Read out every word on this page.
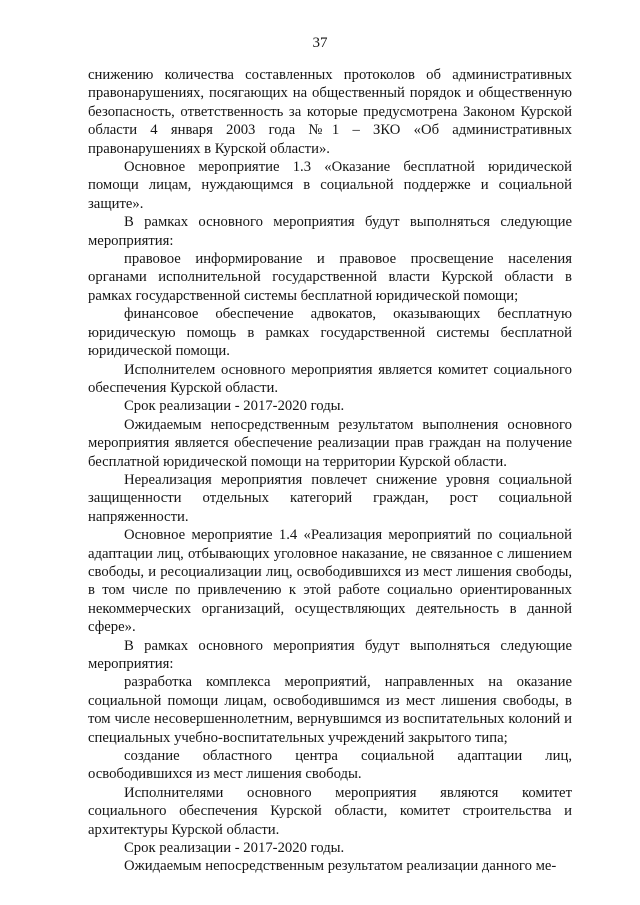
37

снижению количества составленных протоколов об административных правонарушениях, посягающих на общественный порядок и общественную безопасность, ответственность за которые предусмотрена Законом Курской области 4 января 2003 года №1 – ЗКО «Об административных правонарушениях в Курской области».

Основное мероприятие 1.3 «Оказание бесплатной юридической помощи лицам, нуждающимся в социальной поддержке и социальной защите».

В рамках основного мероприятия будут выполняться следующие мероприятия:

правовое информирование и правовое просвещение населения органами исполнительной государственной власти Курской области в рамках государственной системы бесплатной юридической помощи;

финансовое обеспечение адвокатов, оказывающих бесплатную юридическую помощь в рамках государственной системы бесплатной юридической помощи.

Исполнителем основного мероприятия является комитет социального обеспечения Курской области.

Срок реализации - 2017-2020 годы.

Ожидаемым непосредственным результатом выполнения основного мероприятия является обеспечение реализации прав граждан на получение бесплатной юридической помощи на территории Курской области.

Нереализация мероприятия повлечет снижение уровня социальной защищенности отдельных категорий граждан, рост социальной напряженности.

Основное мероприятие 1.4 «Реализация мероприятий по социальной адаптации лиц, отбывающих уголовное наказание, не связанное с лишением свободы, и ресоциализации лиц, освободившихся из мест лишения свободы, в том числе по привлечению к этой работе социально ориентированных некоммерческих организаций, осуществляющих деятельность в данной сфере».

В рамках основного мероприятия будут выполняться следующие мероприятия:

разработка комплекса мероприятий, направленных на оказание социальной помощи лицам, освободившимся из мест лишения свободы, в том числе несовершеннолетним, вернувшимся из воспитательных колоний и специальных учебно-воспитательных учреждений закрытого типа;

создание областного центра социальной адаптации лиц, освободившихся из мест лишения свободы.

Исполнителями основного мероприятия являются комитет социального обеспечения Курской области, комитет строительства и архитектуры Курской области.

Срок реализации - 2017-2020 годы.

Ожидаемым непосредственным результатом реализации данного ме-
